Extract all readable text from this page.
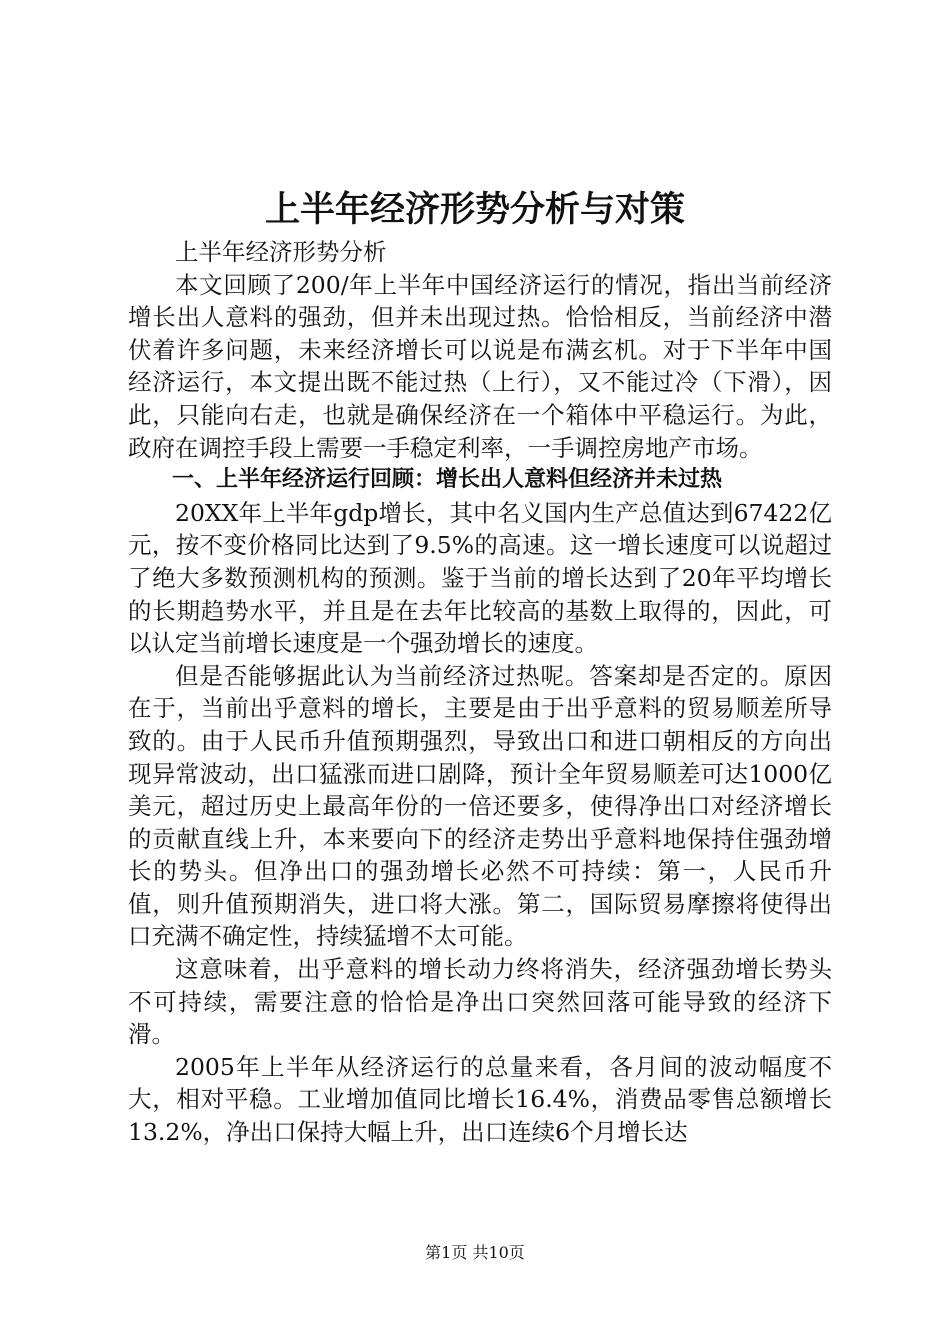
上半年经济形势分析与对策

上半年经济形势分析

本文回顾了200/年上半年中国经济运行的情况，指出当前经济增长出人意料的强劲，但并未出现过热。恰恰相反，当前经济中潜伏着许多问题，未来经济增长可以说是布满玄机。对于下半年中国经济运行，本文提出既不能过热（上行），又不能过冷（下滑），因此，只能向右走，也就是确保经济在一个箱体中平稳运行。为此，政府在调控手段上需要一手稳定利率，一手调控房地产市场。

一、上半年经济运行回顾：增长出人意料但经济并未过热

20XX年上半年gdp增长，其中名义国内生产总值达到67422亿元，按不变价格同比达到了9.5%的高速。这一增长速度可以说超过了绝大多数预测机构的预测。鉴于当前的增长达到了20年平均增长的长期趋势水平，并且是在去年比较高的基数上取得的，因此，可以认定当前增长速度是一个强劲增长的速度。

但是否能够据此认为当前经济过热呢。答案却是否定的。原因在于，当前出乎意料的增长，主要是由于出乎意料的贸易顺差所导致的。由于人民币升值预期强烈，导致出口和进口朝相反的方向出现异常波动，出口猛涨而进口剧降，预计全年贸易顺差可达1000亿美元，超过历史上最高年份的一倍还要多，使得净出口对经济增长的贡献直线上升，本来要向下的经济走势出乎意料地保持住强劲增长的势头。但净出口的强劲增长必然不可持续：第一，人民币升值，则升值预期消失，进口将大涨。第二，国际贸易摩擦将使得出口充满不确定性，持续猛增不太可能。

这意味着，出乎意料的增长动力终将消失，经济强劲增长势头不可持续，需要注意的恰恰是净出口突然回落可能导致的经济下滑。

2005年上半年从经济运行的总量来看，各月间的波动幅度不大，相对平稳。工业增加值同比增长16.4%，消费品零售总额增长13.2%，净出口保持大幅上升，出口连续6个月增长达

第1页 共10页
